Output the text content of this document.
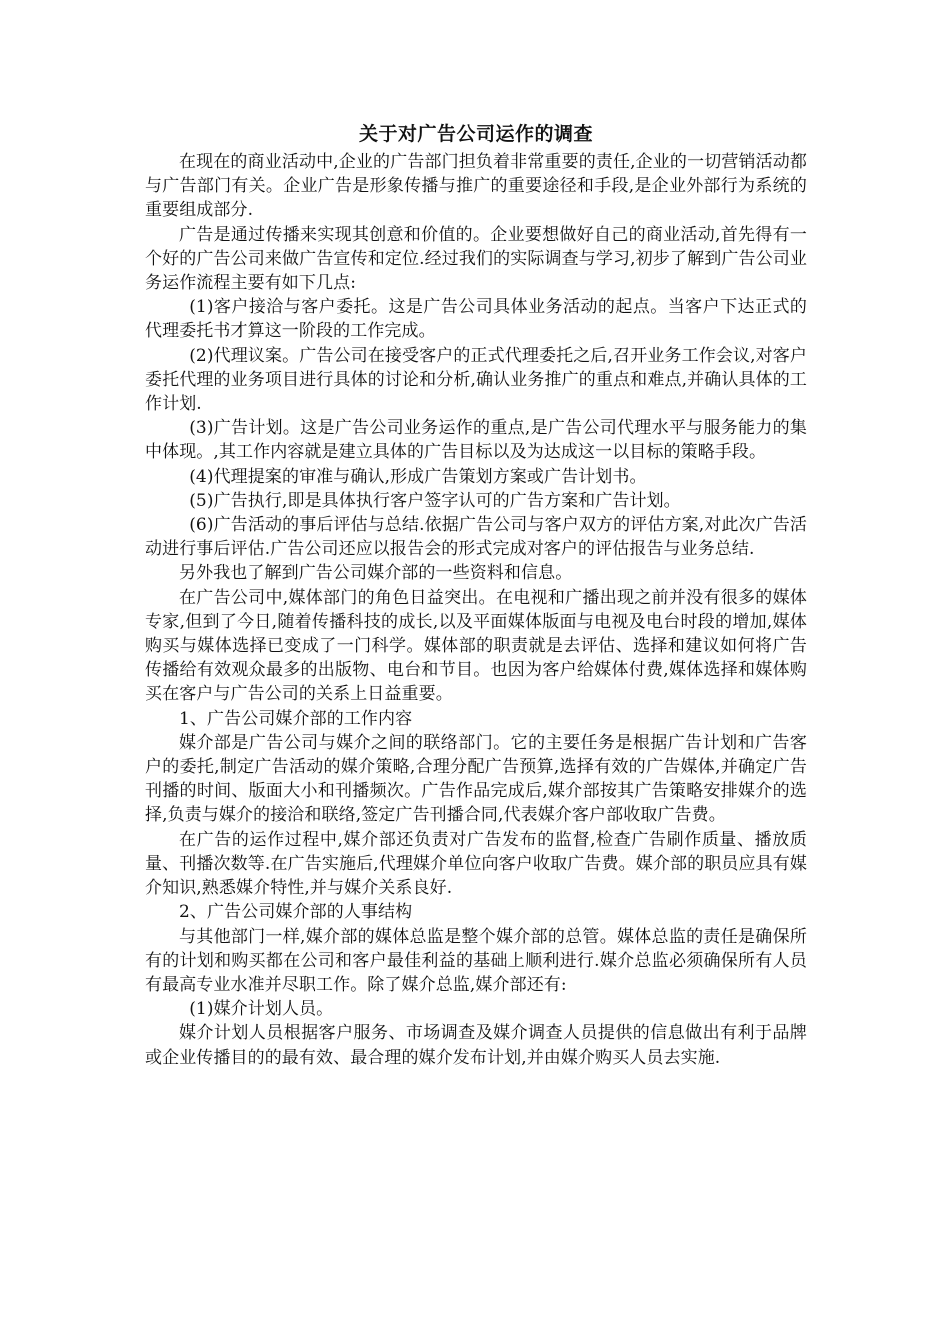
关于对广告公司运作的调查

在现在的商业活动中,企业的广告部门担负着非常重要的责任,企业的一切营销活动都与广告部门有关。企业广告是形象传播与推广的重要途径和手段,是企业外部行为系统的重要组成部分.

广告是通过传播来实现其创意和价值的。企业要想做好自己的商业活动,首先得有一个好的广告公司来做广告宣传和定位.经过我们的实际调查与学习,初步了解到广告公司业务运作流程主要有如下几点:

(1)客户接洽与客户委托。这是广告公司具体业务活动的起点。当客户下达正式的代理委托书才算这一阶段的工作完成。

(2)代理议案。广告公司在接受客户的正式代理委托之后,召开业务工作会议,对客户委托代理的业务项目进行具体的讨论和分析,确认业务推广的重点和难点,并确认具体的工作计划.

(3)广告计划。这是广告公司业务运作的重点,是广告公司代理水平与服务能力的集中体现。,其工作内容就是建立具体的广告目标以及为达成这一以目标的策略手段。

(4)代理提案的审准与确认,形成广告策划方案或广告计划书。

(5)广告执行,即是具体执行客户签字认可的广告方案和广告计划。

(6)广告活动的事后评估与总结.依据广告公司与客户双方的评估方案,对此次广告活动进行事后评估.广告公司还应以报告会的形式完成对客户的评估报告与业务总结.

另外我也了解到广告公司媒介部的一些资料和信息。

在广告公司中,媒体部门的角色日益突出。在电视和广播出现之前并没有很多的媒体专家,但到了今日,随着传播科技的成长,以及平面媒体版面与电视及电台时段的增加,媒体购买与媒体选择已变成了一门科学。媒体部的职责就是去评估、选择和建议如何将广告传播给有效观众最多的出版物、电台和节目。也因为客户给媒体付费,媒体选择和媒体购买在客户与广告公司的关系上日益重要。

1、广告公司媒介部的工作内容

媒介部是广告公司与媒介之间的联络部门。它的主要任务是根据广告计划和广告客户的委托,制定广告活动的媒介策略,合理分配广告预算,选择有效的广告媒体,并确定广告刊播的时间、版面大小和刊播频次。广告作品完成后,媒介部按其广告策略安排媒介的选择,负责与媒介的接洽和联络,签定广告刊播合同,代表媒介客户部收取广告费。

在广告的运作过程中,媒介部还负责对广告发布的监督,检查广告刷作质量、播放质量、刊播次数等.在广告实施后,代理媒介单位向客户收取广告费。媒介部的职员应具有媒介知识,熟悉媒介特性,并与媒介关系良好.

2、广告公司媒介部的人事结构

与其他部门一样,媒介部的媒体总监是整个媒介部的总管。媒体总监的责任是确保所有的计划和购买都在公司和客户最佳利益的基础上顺利进行.媒介总监必须确保所有人员有最高专业水准并尽职工作。除了媒介总监,媒介部还有:

(1)媒介计划人员。

媒介计划人员根据客户服务、市场调查及媒介调查人员提供的信息做出有利于品牌或企业传播目的的最有效、最合理的媒介发布计划,并由媒介购买人员去实施.
